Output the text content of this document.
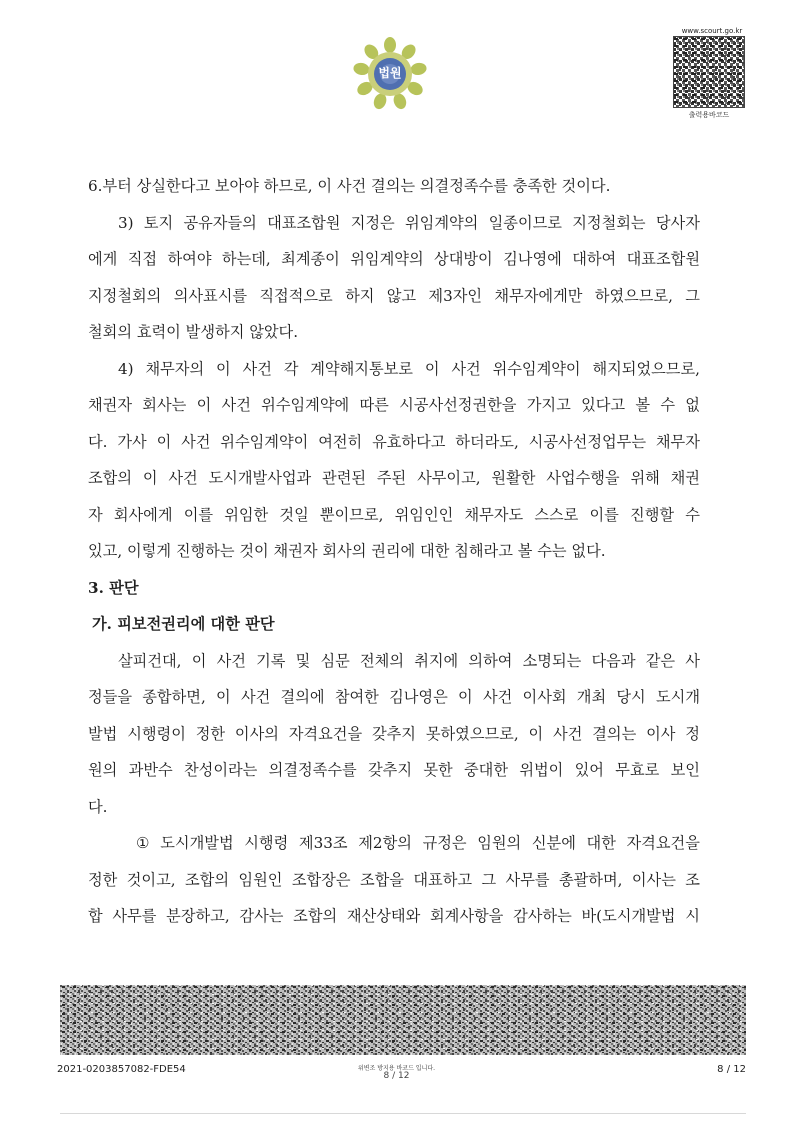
법원
www.scourt.go.kr
출력용바코드
6.부터 상실한다고 보아야 하므로, 이 사건 결의는 의결정족수를 충족한 것이다.
3) 토지 공유자들의 대표조합원 지정은 위임계약의 일종이므로 지정철회는 당사자
에게 직접 하여야 하는데, 최계종이 위임계약의 상대방이 김나영에 대하여 대표조합원
지정철회의 의사표시를 직접적으로 하지 않고 제3자인 채무자에게만 하였으므로, 그
철회의 효력이 발생하지 않았다.
4) 채무자의 이 사건 각 계약해지통보로 이 사건 위수임계약이 해지되었으므로,
채권자 회사는 이 사건 위수임계약에 따른 시공사선정권한을 가지고 있다고 볼 수 없
다. 가사 이 사건 위수임계약이 여전히 유효하다고 하더라도, 시공사선정업무는 채무자
조합의 이 사건 도시개발사업과 관련된 주된 사무이고, 원활한 사업수행을 위해 채권
자 회사에게 이를 위임한 것일 뿐이므로, 위임인인 채무자도 스스로 이를 진행할 수
있고, 이렇게 진행하는 것이 채권자 회사의 권리에 대한 침해라고 볼 수는 없다.
3. 판단
가. 피보전권리에 대한 판단
살피건대, 이 사건 기록 및 심문 전체의 취지에 의하여 소명되는 다음과 같은 사
정들을 종합하면, 이 사건 결의에 참여한 김나영은 이 사건 이사회 개최 당시 도시개
발법 시행령이 정한 이사의 자격요건을 갖추지 못하였으므로, 이 사건 결의는 이사 정
원의 과반수 찬성이라는 의결정족수를 갖추지 못한 중대한 위법이 있어 무효로 보인
다.
① 도시개발법 시행령 제33조 제2항의 규정은 임원의 신분에 대한 자격요건을
정한 것이고, 조합의 임원인 조합장은 조합을 대표하고 그 사무를 총괄하며, 이사는 조
합 사무를 분장하고, 감사는 조합의 재산상태와 회계사항을 감사하는 바(도시개발법 시
2021-0203857082-FDE54	위변조 방지용 바코드 입니다.
8 / 12
8 / 12
